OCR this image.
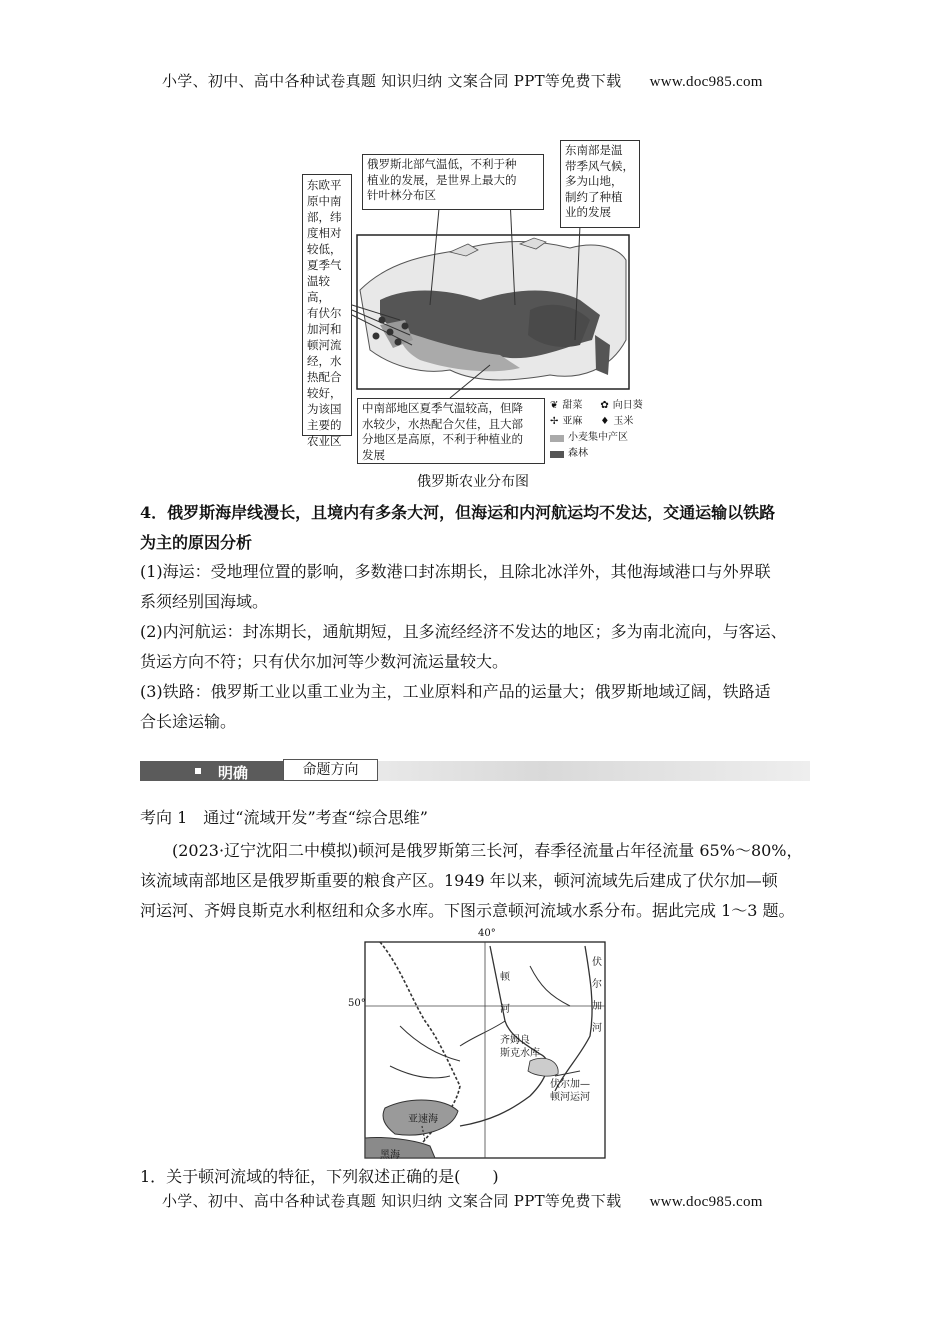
小学、初中、高中各种试卷真题 知识归纳 文案合同 PPT等免费下载 www.doc985.com
俄罗斯北部气温低，不利于种
植业的发展，是世界上最大的
针叶林分布区
东南部是温
带季风气候，
多为山地，
制约了种植
业的发展
东欧平
原中南
部，纬
度相对
较低，
夏季气
温较高，
有伏尔
加河和
顿河流
经，水
热配合
较好，
为该国
主要的
农业区
中南部地区夏季气温较高，但降
水较少，水热配合欠佳，且大部
分地区是高原，不利于种植业的
发展
❦ 甜菜 ✿ 向日葵
✢ 亚麻 ♦ 玉米
小麦集中产区
森林
俄罗斯农业分布图
4．俄罗斯海岸线漫长，且境内有多条大河，但海运和内河航运均不发达，交通运输以铁路
为主的原因分析
(1)海运：受地理位置的影响，多数港口封冻期长，且除北冰洋外，其他海域港口与外界联
系须经别国海域。
(2)内河航运：封冻期长，通航期短，且多流经经济不发达的地区；多为南北流向，与客运、
货运方向不符；只有伏尔加河等少数河流运量较大。
(3)铁路：俄罗斯工业以重工业为主，工业原料和产品的运量大；俄罗斯地域辽阔，铁路适
合长途运输。
明确	命题方向
考向 1　通过“流域开发”考查“综合思维”
(2023·辽宁沈阳二中模拟)顿河是俄罗斯第三长河，春季径流量占年径流量 65%～80%，
该流域南部地区是俄罗斯重要的粮食产区。1949 年以来，顿河流域先后建成了伏尔加—顿
河运河、齐姆良斯克水利枢纽和众多水库。下图示意顿河流域水系分布。据此完成 1～3 题。
40°
50°
顿
河
伏
尔
加
河
齐姆良
斯克水库
伏尔加—
顿河运河
亚速海
黑海
1．关于顿河流域的特征，下列叙述正确的是(　　)
小学、初中、高中各种试卷真题 知识归纳 文案合同 PPT等免费下载 www.doc985.com
